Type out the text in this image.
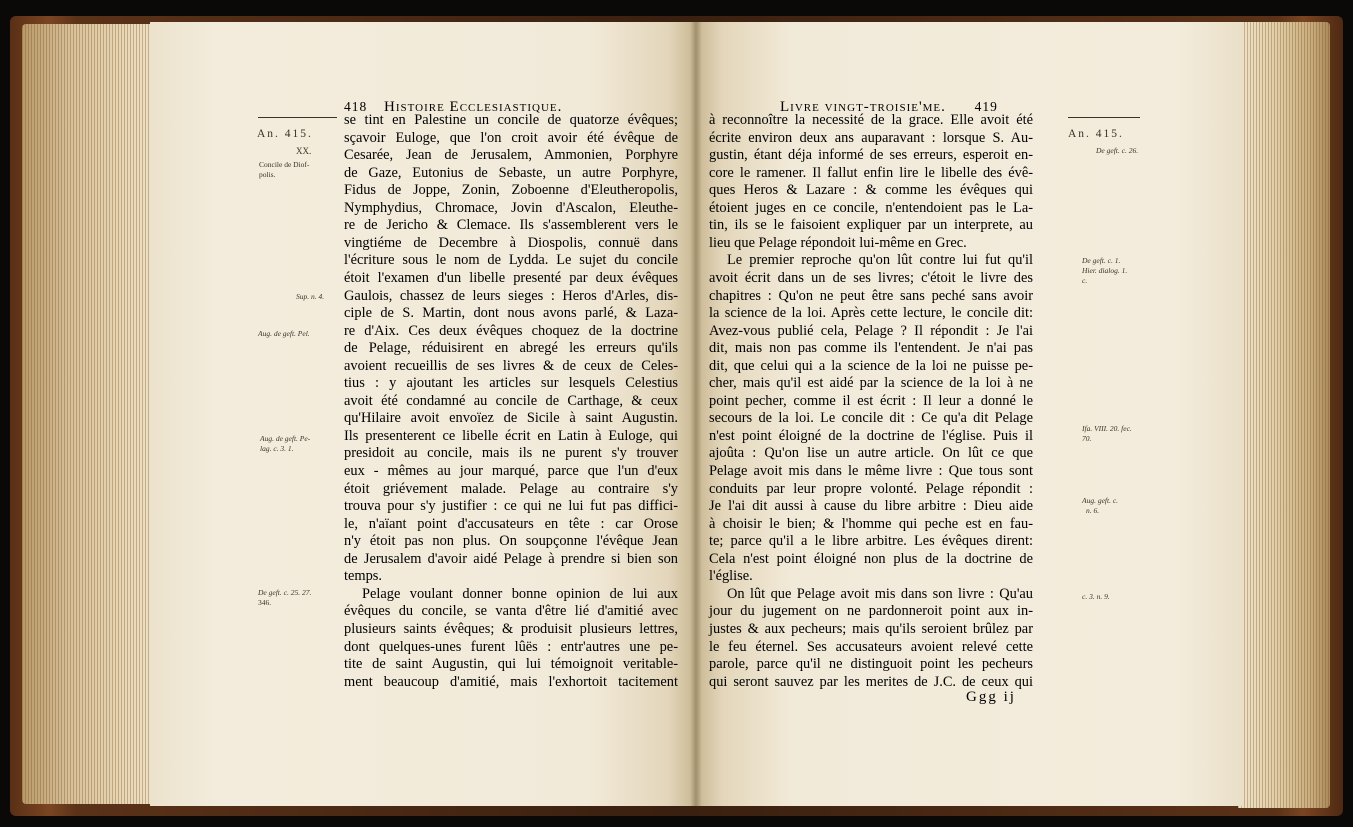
418 Histoire Ecclesiastique.	Livre vingt-troisie'me. 419
An. 415.
XX.
Concile de Diof-
polis.
Sup. n. 4.
Aug. de geft. Pel.
Aug. de geft. Pe-
lag. c. 3. 1.
De geft. c. 25. 27.
346.
An. 415.
De geft. c. 26.
De geft. c. 1.
Hier. dialog. 1.
c.
Ifa. VIII. 20. fec.
70.
Aug. geft. c.
n. 6.
c. 3. n. 9.
se tint en Palestine un concile de quatorze évêques;
sçavoir Euloge, que l'on croit avoir été évêque de
Cesarée, Jean de Jerusalem, Ammonien, Porphyre
de Gaze, Eutonius de Sebaste, un autre Porphyre,
Fidus de Joppe, Zonin, Zoboenne d'Eleutheropolis,
Nymphydius, Chromace, Jovin d'Ascalon, Eleuthe-
re de Jericho & Clemace. Ils s'assemblerent vers le
vingtiéme de Decembre à Diospolis, connuë dans
l'écriture sous le nom de Lydda. Le sujet du concile
étoit l'examen d'un libelle presenté par deux évêques
Gaulois, chassez de leurs sieges : Heros d'Arles, dis-
ciple de S. Martin, dont nous avons parlé, & Laza-
re d'Aix. Ces deux évêques choquez de la doctrine
de Pelage, réduisirent en abregé les erreurs qu'ils
avoient recueillis de ses livres & de ceux de Celes-
tius : y ajoutant les articles sur lesquels Celestius
avoit été condamné au concile de Carthage, & ceux
qu'Hilaire avoit envoïez de Sicile à saint Augustin.
Ils presenterent ce libelle écrit en Latin à Euloge, qui
presidoit au concile, mais ils ne purent s'y trouver
eux - mêmes au jour marqué, parce que l'un d'eux
étoit griévement malade. Pelage au contraire s'y
trouva pour s'y justifier : ce qui ne lui fut pas diffici-
le, n'aïant point d'accusateurs en tête : car Orose
n'y étoit pas non plus. On soupçonne l'évêque Jean
de Jerusalem d'avoir aidé Pelage à prendre si bien son
temps.
Pelage voulant donner bonne opinion de lui aux
évêques du concile, se vanta d'être lié d'amitié avec
plusieurs saints évêques; & produisit plusieurs lettres,
dont quelques-unes furent lûës : entr'autres une pe-
tite de saint Augustin, qui lui témoignoit veritable-
ment beaucoup d'amitié, mais l'exhortoit tacitement
à reconnoître la necessité de la grace. Elle avoit été
écrite environ deux ans auparavant : lorsque S. Au-
gustin, étant déja informé de ses erreurs, esperoit en-
core le ramener. Il fallut enfin lire le libelle des évê-
ques Heros & Lazare : & comme les évêques qui
étoient juges en ce concile, n'entendoient pas le La-
tin, ils se le faisoient expliquer par un interprete, au
lieu que Pelage répondoit lui-même en Grec.
Le premier reproche qu'on lût contre lui fut qu'il
avoit écrit dans un de ses livres; c'étoit le livre des
chapitres : Qu'on ne peut être sans peché sans avoir
la science de la loi. Après cette lecture, le concile dit:
Avez-vous publié cela, Pelage ? Il répondit : Je l'ai
dit, mais non pas comme ils l'entendent. Je n'ai pas
dit, que celui qui a la science de la loi ne puisse pe-
cher, mais qu'il est aidé par la science de la loi à ne
point pecher, comme il est écrit : Il leur a donné le
secours de la loi. Le concile dit : Ce qu'a dit Pelage
n'est point éloigné de la doctrine de l'église. Puis il
ajoûta : Qu'on lise un autre article. On lût ce que
Pelage avoit mis dans le même livre : Que tous sont
conduits par leur propre volonté. Pelage répondit :
Je l'ai dit aussi à cause du libre arbitre : Dieu aide
à choisir le bien; & l'homme qui peche est en fau-
te; parce qu'il a le libre arbitre. Les évêques dirent:
Cela n'est point éloigné non plus de la doctrine de
l'église.
On lût que Pelage avoit mis dans son livre : Qu'au
jour du jugement on ne pardonneroit point aux in-
justes & aux pecheurs; mais qu'ils seroient brûlez par
le feu éternel. Ses accusateurs avoient relevé cette
parole, parce qu'il ne distinguoit point les pecheurs
qui seront sauvez par les merites de J.C. de ceux qui
Ggg ij
